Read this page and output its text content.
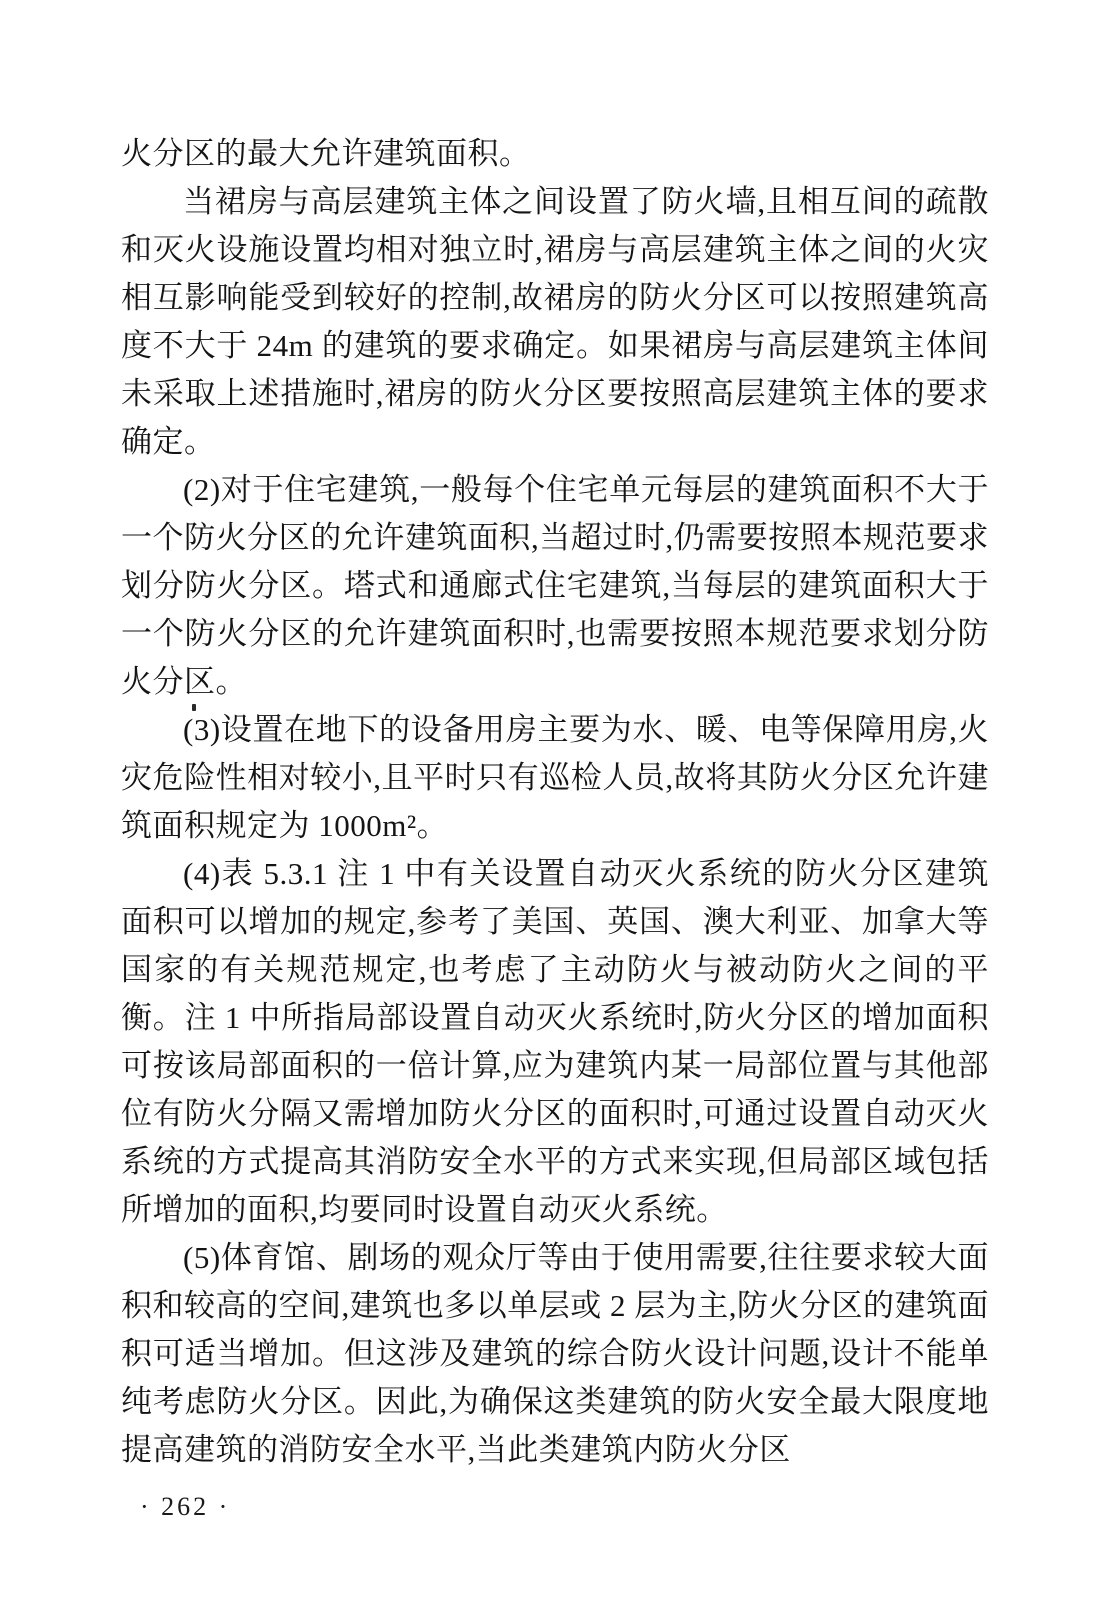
火分区的最大允许建筑面积。

当裙房与高层建筑主体之间设置了防火墙,且相互间的疏散和灭火设施设置均相对独立时,裙房与高层建筑主体之间的火灾相互影响能受到较好的控制,故裙房的防火分区可以按照建筑高度不大于 24m 的建筑的要求确定。如果裙房与高层建筑主体间未采取上述措施时,裙房的防火分区要按照高层建筑主体的要求确定。

(2)对于住宅建筑,一般每个住宅单元每层的建筑面积不大于一个防火分区的允许建筑面积,当超过时,仍需要按照本规范要求划分防火分区。塔式和通廊式住宅建筑,当每层的建筑面积大于一个防火分区的允许建筑面积时,也需要按照本规范要求划分防火分区。

(3)设置在地下的设备用房主要为水、暖、电等保障用房,火灾危险性相对较小,且平时只有巡检人员,故将其防火分区允许建筑面积规定为 1000m²。

(4)表 5.3.1 注 1 中有关设置自动灭火系统的防火分区建筑面积可以增加的规定,参考了美国、英国、澳大利亚、加拿大等国家的有关规范规定,也考虑了主动防火与被动防火之间的平衡。注 1 中所指局部设置自动灭火系统时,防火分区的增加面积可按该局部面积的一倍计算,应为建筑内某一局部位置与其他部位有防火分隔又需增加防火分区的面积时,可通过设置自动灭火系统的方式提高其消防安全水平的方式来实现,但局部区域包括所增加的面积,均要同时设置自动灭火系统。

(5)体育馆、剧场的观众厅等由于使用需要,往往要求较大面积和较高的空间,建筑也多以单层或 2 层为主,防火分区的建筑面积可适当增加。但这涉及建筑的综合防火设计问题,设计不能单纯考虑防火分区。因此,为确保这类建筑的防火安全最大限度地提高建筑的消防安全水平,当此类建筑内防火分区

· 262 ·
